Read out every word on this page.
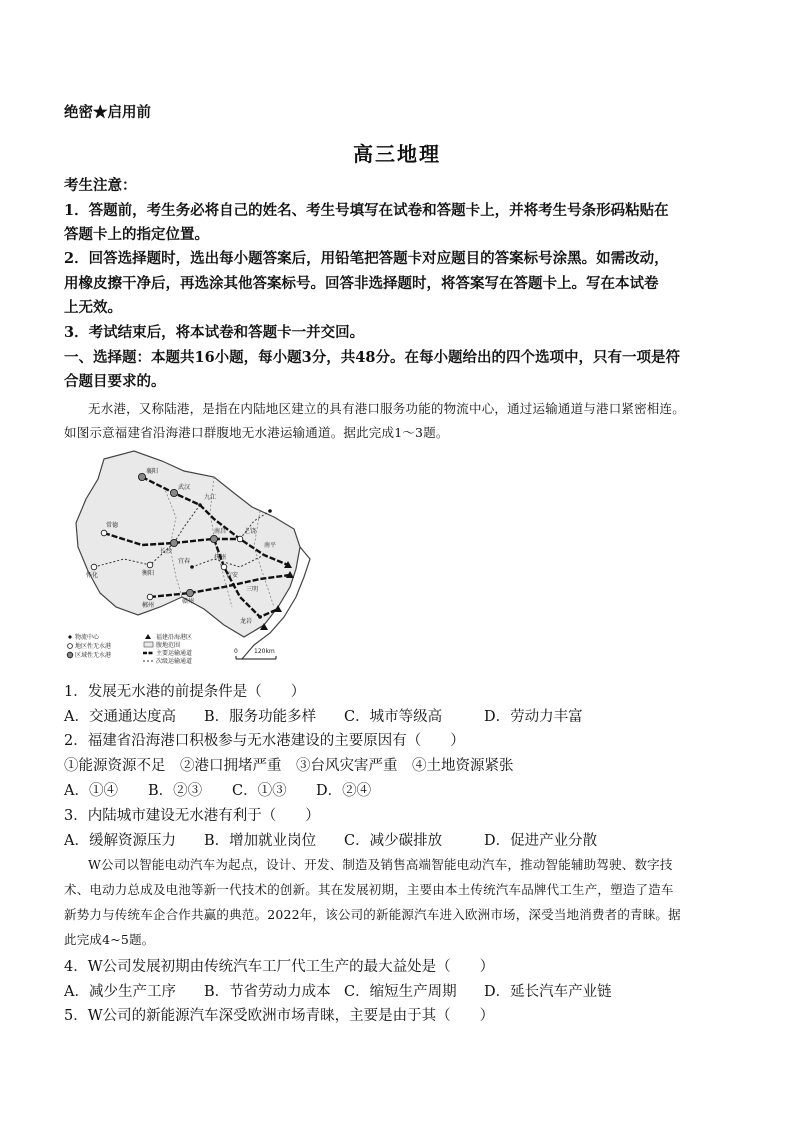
绝密★启用前
高三地理
考生注意：
1．答题前，考生务必将自己的姓名、考生号填写在试卷和答题卡上，并将考生号条形码粘贴在
答题卡上的指定位置。
2．回答选择题时，选出每小题答案后，用铅笔把答题卡对应题目的答案标号涂黑。如需改动，
用橡皮擦干净后，再选涂其他答案标号。回答非选择题时，将答案写在答题卡上。写在本试卷
上无效。
3．考试结束后，将本试卷和答题卡一并交回。
一、选择题：本题共16小题，每小题3分，共48分。在每小题给出的四个选项中，只有一项是符
合题目要求的。
无水港，又称陆港，是指在内陆地区建立的具有港口服务功能的物流中心，通过运输通道与港口紧密相连。
如图示意福建省沿海港口群腹地无水港运输通道。据此完成1～3题。
襄阳
武汉
常德
长沙
南昌	上饶
衡阳
抚州
吉安
怀化
郴州
赣州
九江
宜春
南平
三明
龙岩
物流中心
地区性无水港
区域性无水港
福建沿海港区
腹地范围
主要运输通道
次级运输通道
0	120km
1．发展无水港的前提条件是（　　）
A．交通通达度高	B．服务功能多样	C．城市等级高	D．劳动力丰富
2．福建省沿海港口积极参与无水港建设的主要原因有（　　）
①能源资源不足　②港口拥堵严重　③台风灾害严重　④土地资源紧张
A．①④	B．②③	C．①③	D．②④
3．内陆城市建设无水港有利于（　　）
A．缓解资源压力	B．增加就业岗位	C．减少碳排放	D．促进产业分散
W公司以智能电动汽车为起点，设计、开发、制造及销售高端智能电动汽车，推动智能辅助驾驶、数字技
术、电动力总成及电池等新一代技术的创新。其在发展初期，主要由本土传统汽车品牌代工生产，塑造了造车
新势力与传统车企合作共赢的典范。2022年，该公司的新能源汽车进入欧洲市场，深受当地消费者的青睐。据
此完成4~5题。
4．W公司发展初期由传统汽车工厂代工生产的最大益处是（　　）
A．减少生产工序	B．节省劳动力成本 C．缩短生产周期	D．延长汽车产业链
5．W公司的新能源汽车深受欧洲市场青睐，主要是由于其（　　）
